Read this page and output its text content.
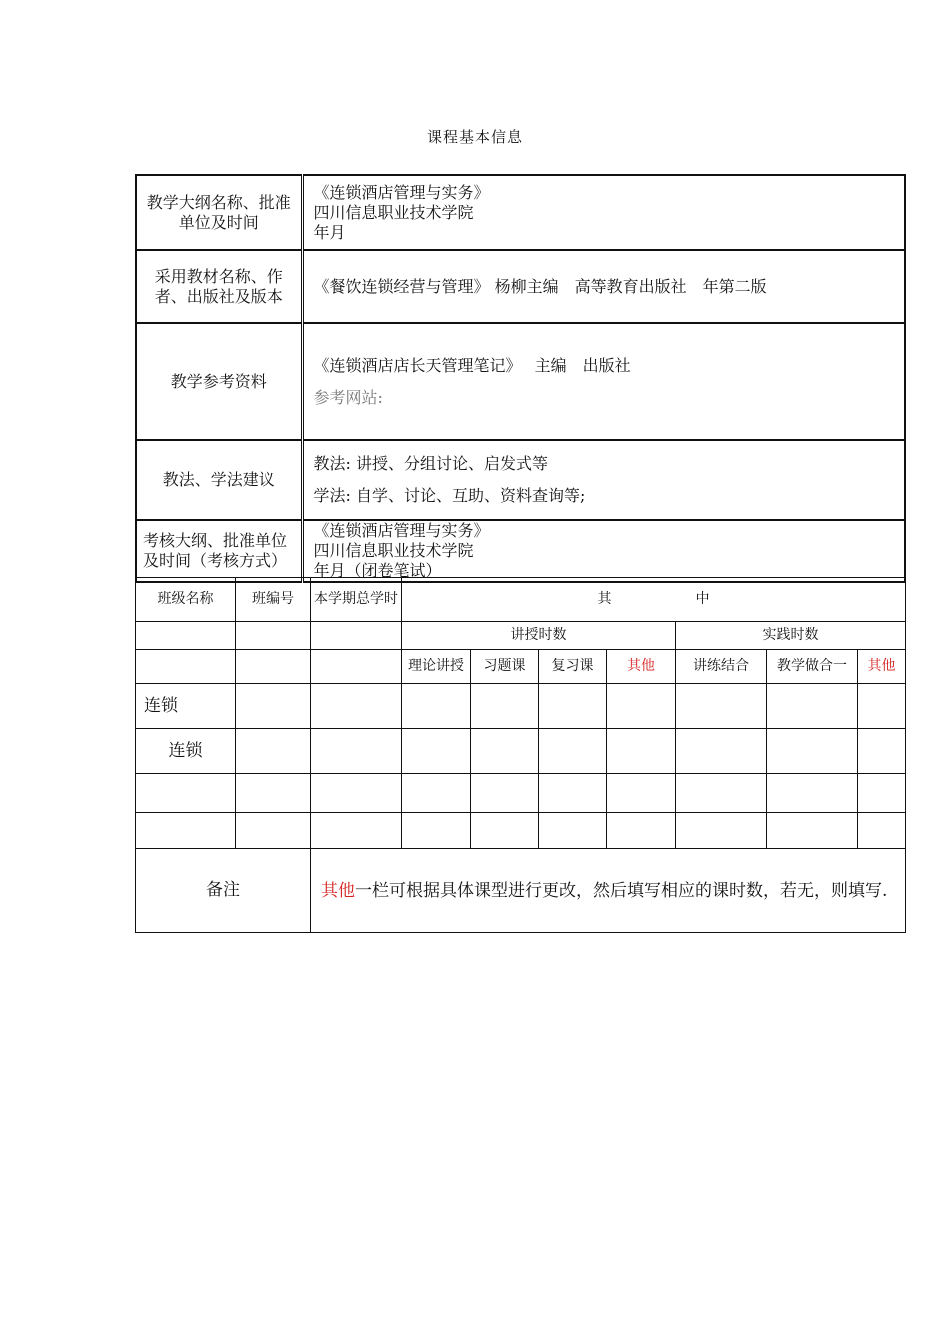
课程基本信息
教学大纲名称、批准单位及时间	《连锁酒店管理与实务》
四川信息职业技术学院
年月

采用教材名称、作者、出版社及版本	《餐饮连锁经营与管理》 杨柳主编　高等教育出版社　年第二版
教学参考资料	《连锁酒店店长天管理笔记》　 主编　出版社
参考网站:

教法、学法建议	教法: 讲授、分组讨论、启发式等
学法: 自学、讨论、互助、资料查询等;

考核大纲、批准单位及时间（考核方式）	《连锁酒店管理与实务》
四川信息职业技术学院
年月（闭卷笔试）
班级名称	班编号	本学期总学时	其　　　　　　中						
			讲授时数				实践时数		
			理论讲授	习题课	复习课	其他	讲练结合	教学做合一	其他
连锁									
连锁									

备注		其他一栏可根据具体课型进行更改，然后填写相应的课时数，若无，则填写.							
